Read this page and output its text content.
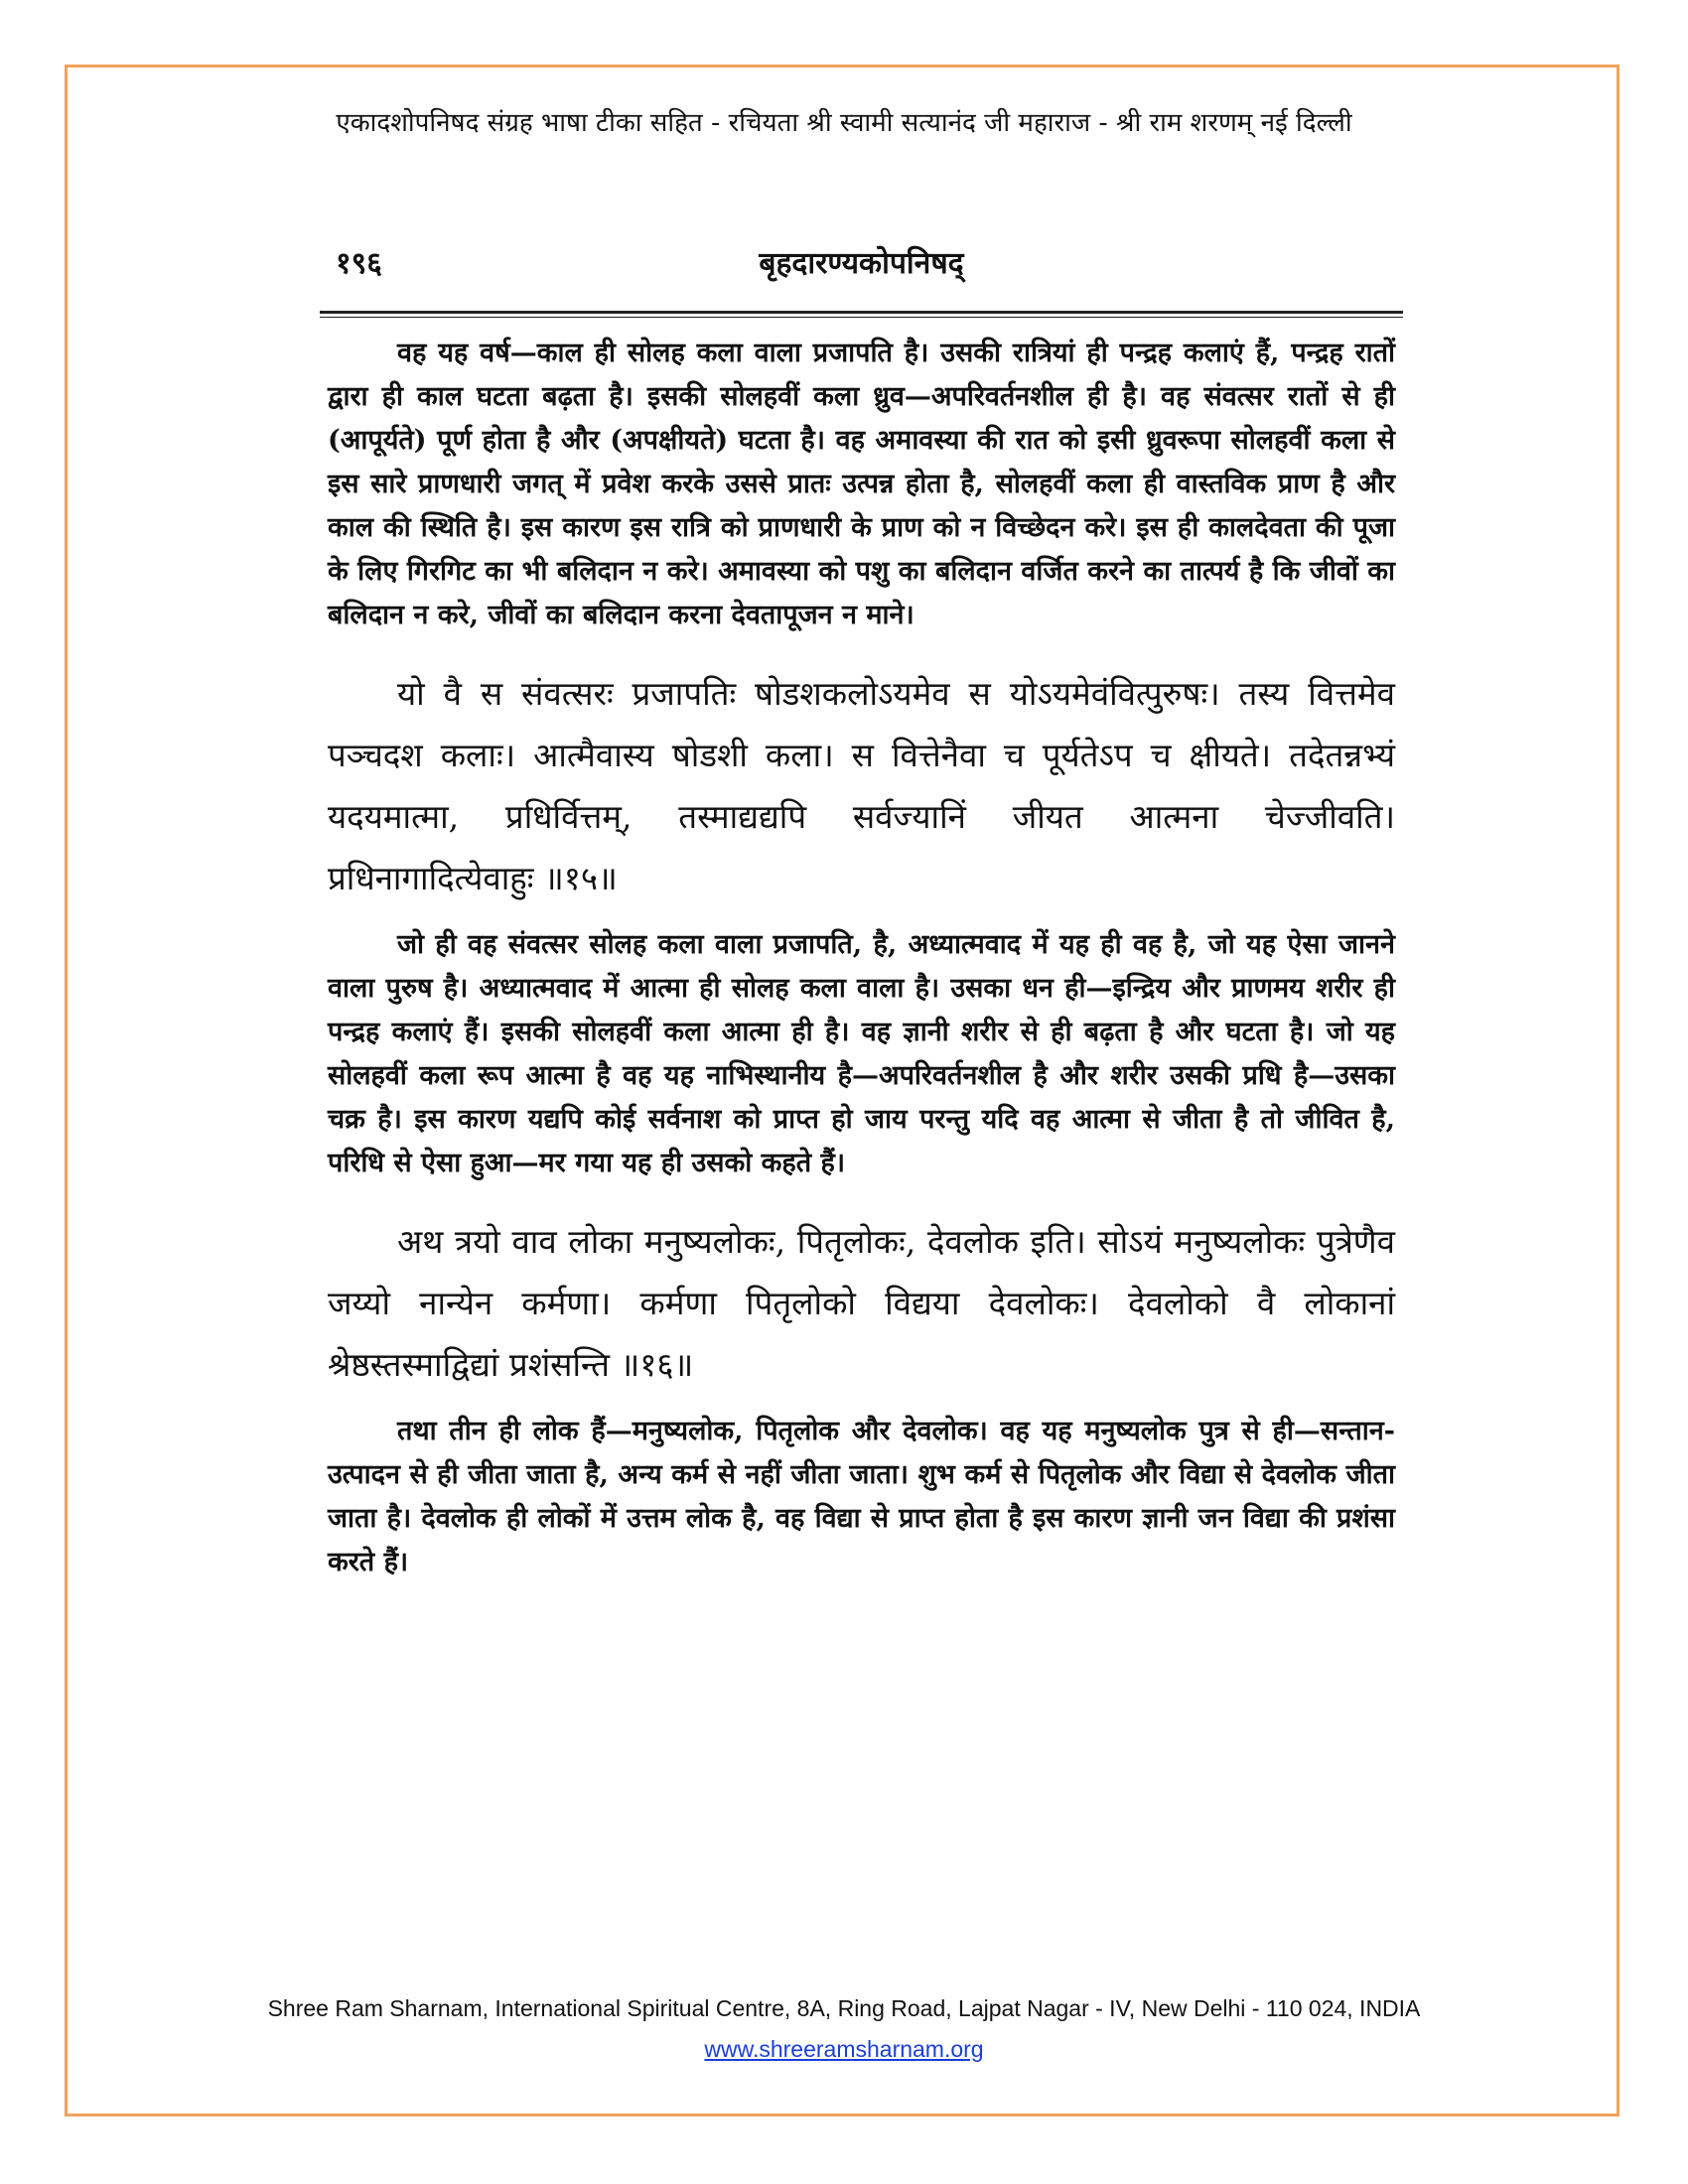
एकादशोपनिषद संग्रह भाषा टीका सहित - रचियता श्री स्वामी सत्यानंद जी महाराज - श्री राम शरणम् नई दिल्ली
१९६	बृहदारण्यकोपनिषद्

वह यह वर्ष—काल ही सोलह कला वाला प्रजापति है। उसकी रात्रियां ही पन्द्रह कलाएं हैं, पन्द्रह रातों द्वारा ही काल घटता बढ़ता है। इसकी सोलहवीं कला ध्रुव—अपरिवर्तनशील ही है। वह संवत्सर रातों से ही (आपूर्यते) पूर्ण होता है और (अपक्षीयते) घटता है। वह अमावस्या की रात को इसी ध्रुवरूपा सोलहवीं कला से इस सारे प्राणधारी जगत् में प्रवेश करके उससे प्रातः उत्पन्न होता है, सोलहवीं कला ही वास्तविक प्राण है और काल की स्थिति है। इस कारण इस रात्रि को प्राणधारी के प्राण को न विच्छेदन करे। इस ही कालदेवता की पूजा के लिए गिरगिट का भी बलिदान न करे। अमावस्या को पशु का बलिदान वर्जित करने का तात्पर्य है कि जीवों का बलिदान न करे, जीवों का बलिदान करना देवतापूजन न माने।

यो वै स संवत्सरः प्रजापतिः षोडशकलोऽयमेव स योऽयमेवंवित्पुरुषः। तस्य वित्तमेव पञ्चदश कलाः। आत्मैवास्य षोडशी कला। स वित्तेनैवा च पूर्यतेऽप च क्षीयते। तदेतन्नभ्यं यदयमात्मा, प्रधिर्वित्तम्, तस्माद्यद्यपि सर्वज्यानिं जीयत आत्मना चेज्जीवति। प्रधिनागादित्येवाहुः ॥१५॥

जो ही वह संवत्सर सोलह कला वाला प्रजापति, है, अध्यात्मवाद में यह ही वह है, जो यह ऐसा जानने वाला पुरुष है। अध्यात्मवाद में आत्मा ही सोलह कला वाला है। उसका धन ही—इन्द्रिय और प्राणमय शरीर ही पन्द्रह कलाएं हैं। इसकी सोलहवीं कला आत्मा ही है। वह ज्ञानी शरीर से ही बढ़ता है और घटता है। जो यह सोलहवीं कला रूप आत्मा है वह यह नाभिस्थानीय है—अपरिवर्तनशील है और शरीर उसकी प्रधि है—उसका चक्र है। इस कारण यद्यपि कोई सर्वनाश को प्राप्त हो जाय परन्तु यदि वह आत्मा से जीता है तो जीवित है, परिधि से ऐसा हुआ—मर गया यह ही उसको कहते हैं।

अथ त्रयो वाव लोका मनुष्यलोकः, पितृलोकः, देवलोक इति। सोऽयं मनुष्यलोकः पुत्रेणैव जय्यो नान्येन कर्मणा। कर्मणा पितृलोको विद्यया देवलोकः। देवलोको वै लोकानां श्रेष्ठस्तस्माद्विद्यां प्रशंसन्ति ॥१६॥

तथा तीन ही लोक हैं—मनुष्यलोक, पितृलोक और देवलोक। वह यह मनुष्यलोक पुत्र से ही—सन्तान-उत्पादन से ही जीता जाता है, अन्य कर्म से नहीं जीता जाता। शुभ कर्म से पितृलोक और विद्या से देवलोक जीता जाता है। देवलोक ही लोकों में उत्तम लोक है, वह विद्या से प्राप्त होता है इस कारण ज्ञानी जन विद्या की प्रशंसा करते हैं।

Shree Ram Sharnam, International Spiritual Centre, 8A, Ring Road, Lajpat Nagar - IV, New Delhi - 110 024, INDIA
www.shreeramsharnam.org
